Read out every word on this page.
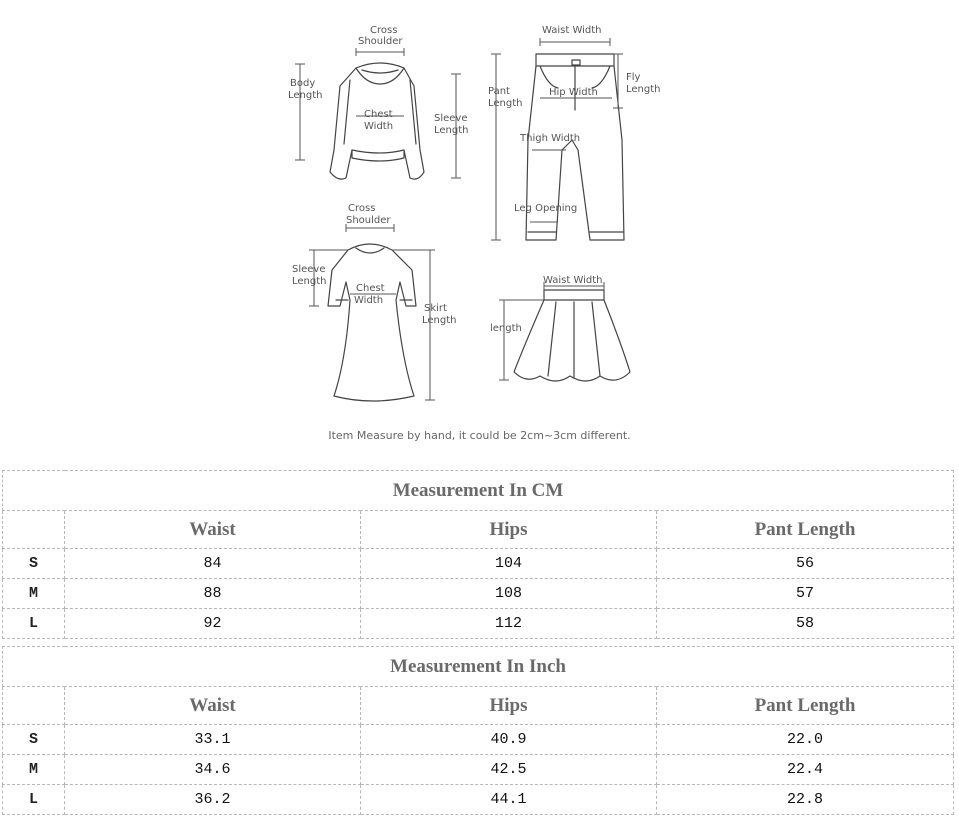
Cross
Shoulder
Body
Length
Chest
Width
Sleeve
Length
Waist Width
Pant
Length
Hip Width
Fly
Length
Thigh Width
Leg Opening
Cross
Shoulder
Sleeve
Length
Chest
Width
Skirt
Length
Waist Width
length
Item Measure by hand, it could be 2cm~3cm different.
Measurement In CM			
	Waist	Hips	Pant Length
S	84	104	56
M	88	108	57
L	92	112	58
Measurement In Inch			
	Waist	Hips	Pant Length
S	33.1	40.9	22.0
M	34.6	42.5	22.4
L	36.2	44.1	22.8
